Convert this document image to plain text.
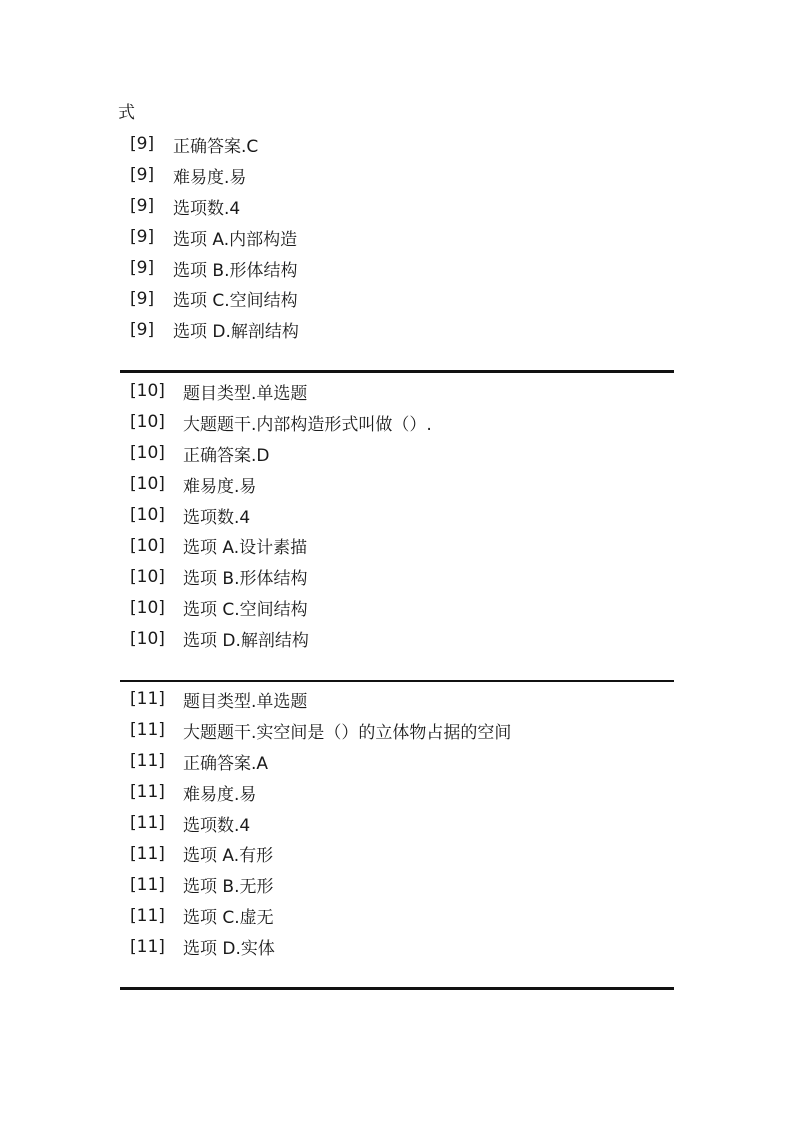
式
[9]	正确答案.C
[9]	难易度.易
[9]	选项数.4
[9]	选项 A.内部构造
[9]	选项 B.形体结构
[9]	选项 C.空间结构
[9]	选项 D.解剖结构
[10]	题目类型.单选题
[10]	大题题干.内部构造形式叫做（）.
[10]	正确答案.D
[10]	难易度.易
[10]	选项数.4
[10]	选项 A.设计素描
[10]	选项 B.形体结构
[10]	选项 C.空间结构
[10]	选项 D.解剖结构
[11]	题目类型.单选题
[11]	大题题干.实空间是（）的立体物占据的空间
[11]	正确答案.A
[11]	难易度.易
[11]	选项数.4
[11]	选项 A.有形
[11]	选项 B.无形
[11]	选项 C.虚无
[11]	选项 D.实体
